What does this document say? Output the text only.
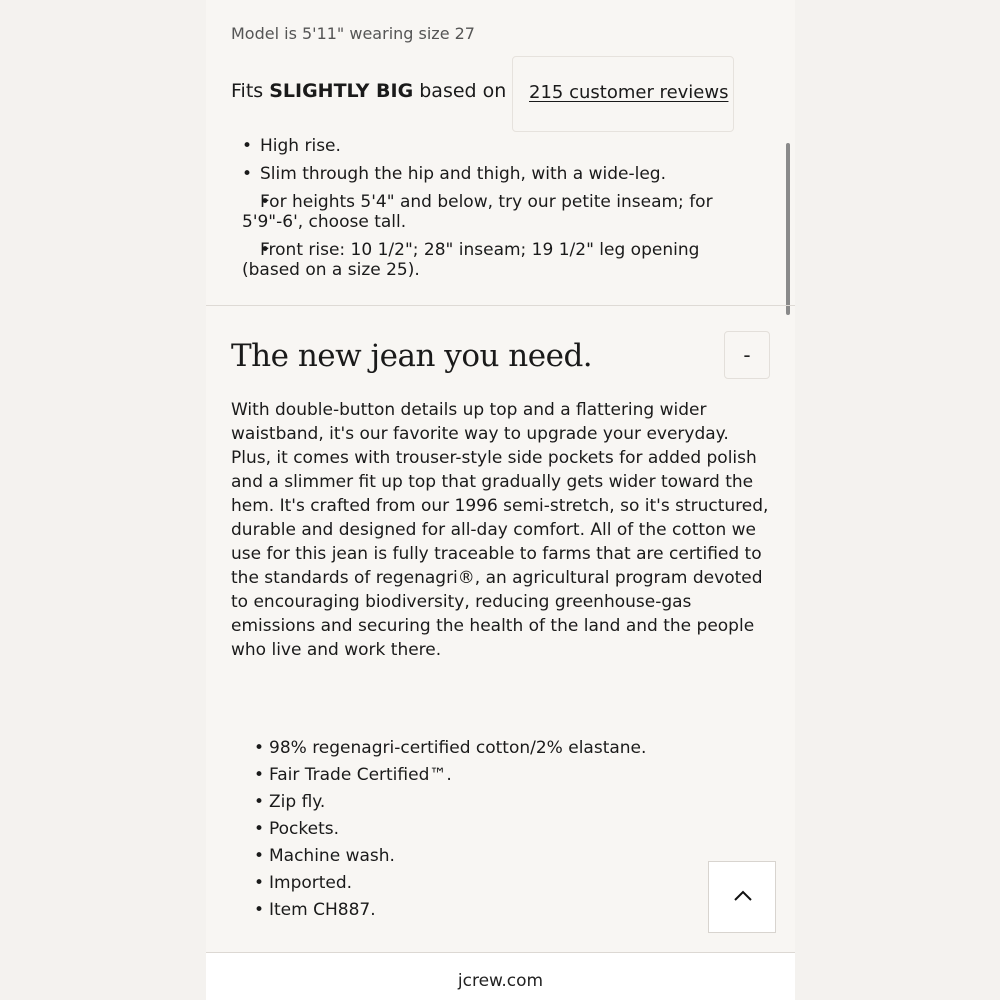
Model is 5'11" wearing size 27
Fits SLIGHTLY BIG based on 215 customer reviews
• High rise.
• Slim through the hip and thigh, with a wide-leg.
• For heights 5'4" and below, try our petite inseam; for 5'9"-6', choose tall.
• Front rise: 10 1/2"; 28" inseam; 19 1/2" leg opening (based on a size 25).
The new jean you need.	-

With double-button details up top and a flattering wider waistband, it's our favorite way to upgrade your everyday. Plus, it comes with trouser-style side pockets for added polish and a slimmer fit up top that gradually gets wider toward the hem. It's crafted from our 1996 semi-stretch, so it's structured, durable and designed for all-day comfort. All of the cotton we use for this jean is fully traceable to farms that are certified to the standards of regenagri®, an agricultural program devoted to encouraging biodiversity, reducing greenhouse-gas emissions and securing the health of the land and the people who live and work there.

• 98% regenagri-certified cotton/2% elastane.
• Fair Trade Certified™.
• Zip fly.
• Pockets.
• Machine wash.
• Imported.
• Item CH887.
jcrew.com
